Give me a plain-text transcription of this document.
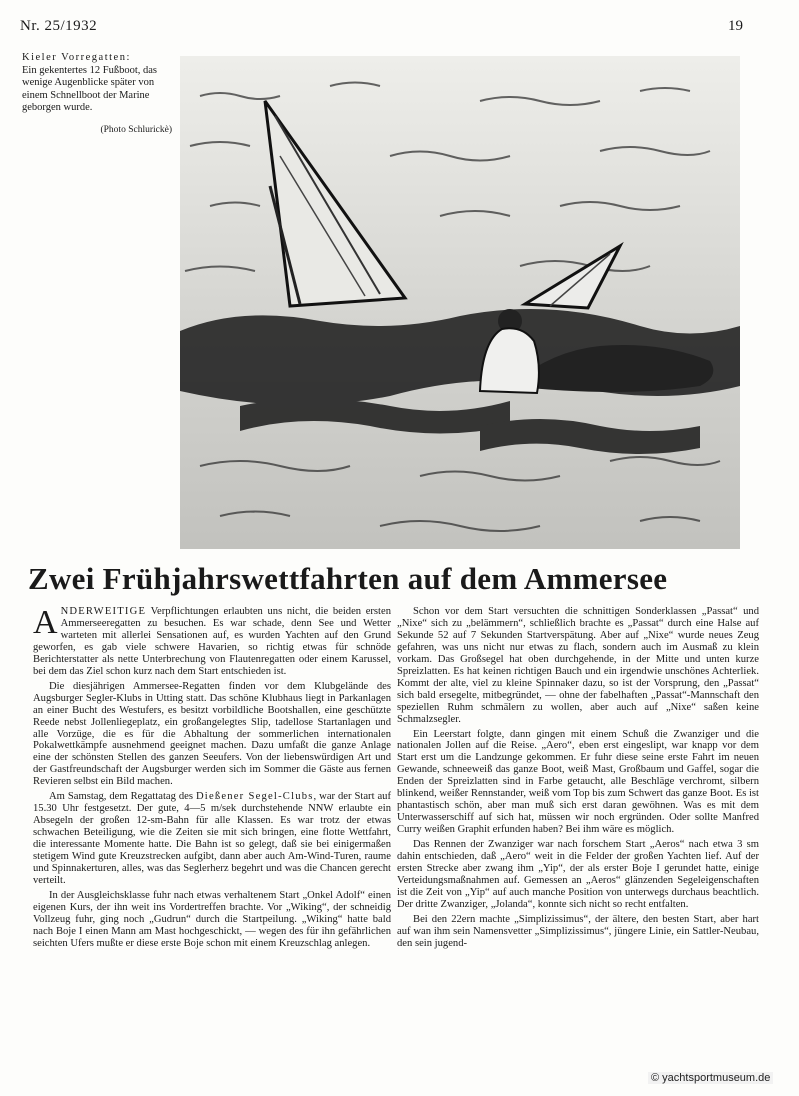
Nr. 25/1932	19
Kieler Vorregatten:
Ein gekentertes 12 Fußboot, das wenige Augenblicke später von einem Schnellboot der Marine geborgen wurde.
(Photo Schlurickè)
Zwei Frühjahrswettfahrten auf dem Ammersee

ANDERWEITIGE Verpflichtungen erlaubten uns nicht, die beiden ersten Ammerseeregatten zu besuchen. Es war schade, denn See und Wetter warteten mit allerlei Sensationen auf, es wurden Yachten auf den Grund geworfen, es gab viele schwere Havarien, so richtig etwas für schnöde Berichterstatter als nette Unterbrechung von Flautenregatten oder einem Karussel, bei dem das Ziel schon kurz nach dem Start entschieden ist.

Die diesjährigen Ammersee-Regatten finden vor dem Klubgelände des Augsburger Segler-Klubs in Utting statt. Das schöne Klubhaus liegt in Parkanlagen an einer Bucht des Westufers, es besitzt vorbildliche Bootshallen, eine geschützte Reede nebst Jollenliegeplatz, ein großangelegtes Slip, tadellose Startanlagen und alle Vorzüge, die es für die Abhaltung der sommerlichen internationalen Pokalwettkämpfe ausnehmend geeignet machen. Dazu umfaßt die ganze Anlage eine der schönsten Stellen des ganzen Seeufers. Von der liebenswürdigen Art und der Gastfreundschaft der Augsburger werden sich im Sommer die Gäste aus fernen Revieren selbst ein Bild machen.

Am Samstag, dem Regattatag des Dießener Segel-Clubs, war der Start auf 15.30 Uhr festgesetzt. Der gute, 4—5 m/sek durchstehende NNW erlaubte ein Absegeln der großen 12-sm-Bahn für alle Klassen. Es war trotz der etwas schwachen Beteiligung, wie die Zeiten sie mit sich bringen, eine flotte Wettfahrt, die interessante Momente hatte. Die Bahn ist so gelegt, daß sie bei einigermaßen stetigem Wind gute Kreuzstrecken aufgibt, dann aber auch Am-Wind-Turen, raume und Spinnakerturen, alles, was das Seglerherz begehrt und was die Chancen gerecht verteilt.

In der Ausgleichsklasse fuhr nach etwas verhaltenem Start „Onkel Adolf“ einen eigenen Kurs, der ihn weit ins Vordertreffen brachte. Vor „Wiking“, der schneidig Vollzeug fuhr, ging noch „Gudrun“ durch die Startpeilung. „Wiking“ hatte bald nach Boje I einen Mann am Mast hochgeschickt, — wegen des für ihn gefährlichen seichten Ufers mußte er diese erste Boje schon mit einem Kreuzschlag anlegen.

Schon vor dem Start versuchten die schnittigen Sonderklassen „Passat“ und „Nixe“ sich zu „belämmern“, schließlich brachte es „Passat“ durch eine Halse auf Sekunde 52 auf 7 Sekunden Startverspätung. Aber auf „Nixe“ wurde neues Zeug gefahren, was uns nicht nur etwas zu flach, sondern auch im Ausmaß zu klein vorkam. Das Großsegel hat oben durchgehende, in der Mitte und unten kurze Spreizlatten. Es hat keinen richtigen Bauch und ein irgendwie unschönes Achterliek. Kommt der alte, viel zu kleine Spinnaker dazu, so ist der Vorsprung, den „Passat“ sich bald ersegelte, mitbegründet, — ohne der fabelhaften „Passat“-Mannschaft den speziellen Ruhm schmälern zu wollen, aber auch auf „Nixe“ saßen keine Schmalzsegler.

Ein Leerstart folgte, dann gingen mit einem Schuß die Zwanziger und die nationalen Jollen auf die Reise. „Aero“, eben erst eingeslipt, war knapp vor dem Start erst um die Landzunge gekommen. Er fuhr diese seine erste Fahrt im neuen Gewande, schneeweiß das ganze Boot, weiß Mast, Großbaum und Gaffel, sogar die Enden der Spreizlatten sind in Farbe getaucht, alle Beschläge verchromt, silbern blinkend, weißer Rennstander, weiß vom Top bis zum Schwert das ganze Boot. Es ist phantastisch schön, aber man muß sich erst daran gewöhnen. Was es mit dem Unterwasserschiff auf sich hat, müssen wir noch ergründen. Oder sollte Manfred Curry weißen Graphit erfunden haben? Bei ihm wäre es möglich.

Das Rennen der Zwanziger war nach forschem Start „Aeros“ nach etwa 3 sm dahin entschieden, daß „Aero“ weit in die Felder der großen Yachten lief. Auf der ersten Strecke aber zwang ihm „Yip“, der als erster Boje I gerundet hatte, einige Verteidungsmaßnahmen auf. Gemessen an „Aeros“ glänzenden Segeleigenschaften ist die Zeit von „Yip“ auf auch manche Position von unterwegs durchaus beachtlich. Der dritte Zwanziger, „Jolanda“, konnte sich nicht so recht entfalten.

Bei den 22ern machte „Simplizissimus“, der ältere, den besten Start, aber hart auf wan ihm sein Namensvetter „Simplizissimus“, jüngere Linie, ein Sattler-Neubau, den sein jugend-

© yachtsportmuseum.de
